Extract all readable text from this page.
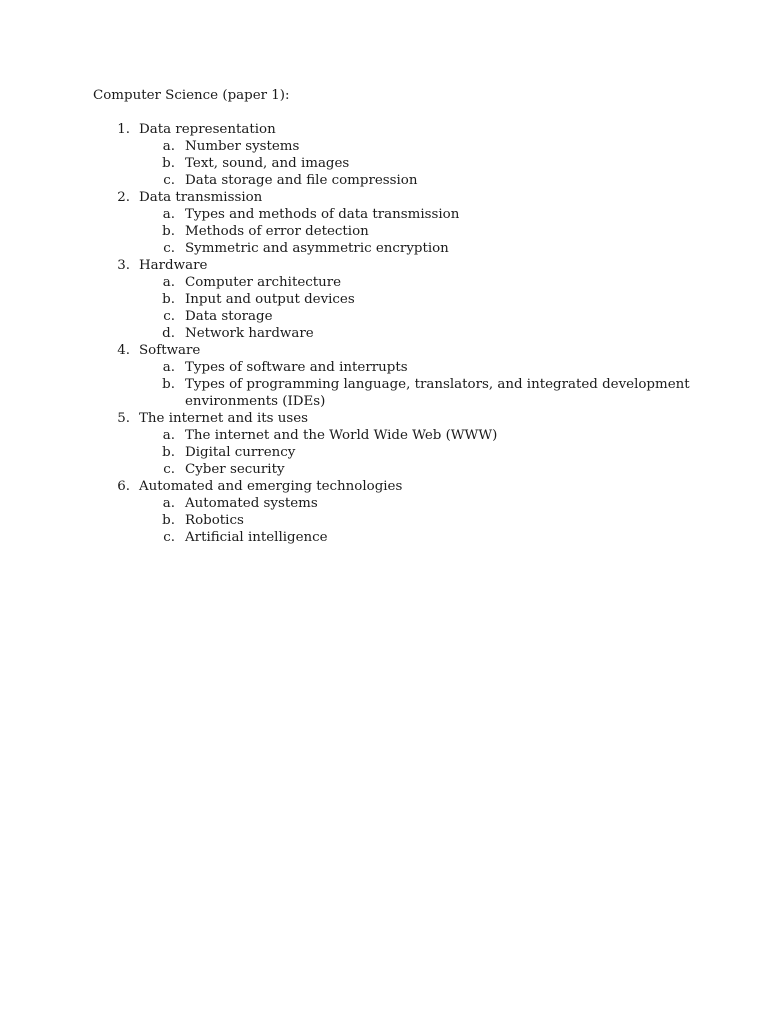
Computer Science (paper 1):
1. Data representation
a. Number systems
b. Text, sound, and images
c. Data storage and file compression
2. Data transmission
a. Types and methods of data transmission
b. Methods of error detection
c. Symmetric and asymmetric encryption
3. Hardware
a. Computer architecture
b. Input and output devices
c. Data storage
d. Network hardware
4. Software
a. Types of software and interrupts
b. Types of programming language, translators, and integrated development
environments (IDEs)
5. The internet and its uses
a. The internet and the World Wide Web (WWW)
b. Digital currency
c. Cyber security
6. Automated and emerging technologies
a. Automated systems
b. Robotics
c. Artificial intelligence
